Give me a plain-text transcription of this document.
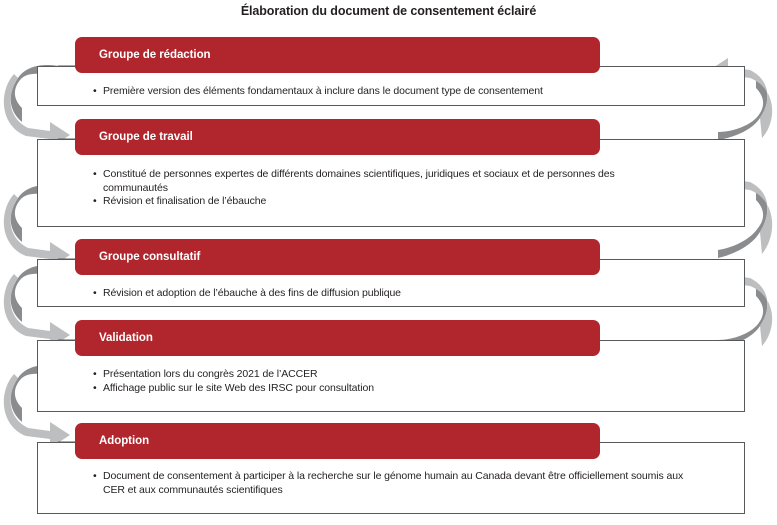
Élaboration du document de consentement éclairé
Groupe de rédaction
• Première version des éléments fondamentaux à inclure dans le document type de consentement
Groupe de travail
• Constitué de personnes expertes de différents domaines scientifiques, juridiques et sociaux et de personnes des communautés
• Révision et finalisation de l’ébauche
Groupe consultatif
• Révision et adoption de l’ébauche à des fins de diffusion publique
Validation
• Présentation lors du congrès 2021 de l’ACCER
• Affichage public sur le site Web des IRSC pour consultation
Adoption
• Document de consentement à participer à la recherche sur le génome humain au Canada devant être officiellement soumis aux CER et aux communautés scientifiques
